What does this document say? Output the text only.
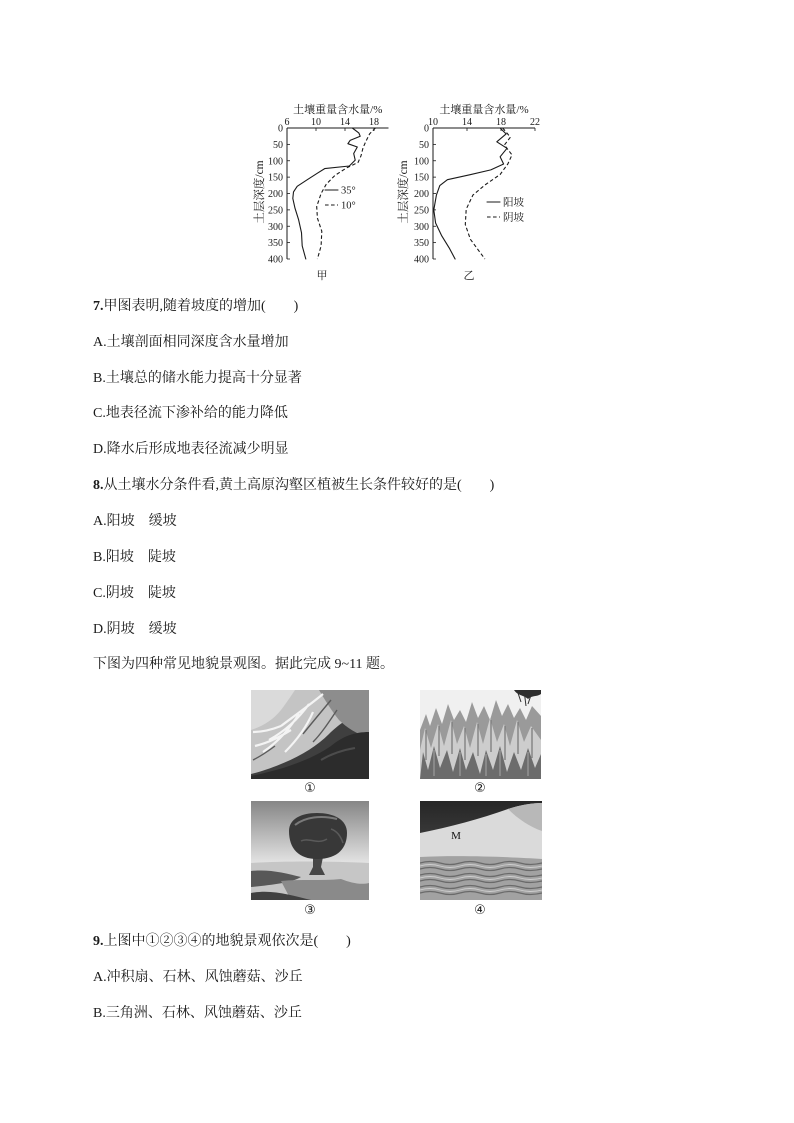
土壤重量含水量/%
土层深度/cm
6 10 14 18
0
50
100
150
200
250
300
350
400
35°
10°
甲
土壤重量含水量/%
土层深度/cm
10 14 18 22
0
50
100
150
200
250
300
350
400
阳坡
阴坡
乙
7.甲图表明,随着坡度的增加(　　)
A.土壤剖面相同深度含水量增加
B.土壤总的储水能力提高十分显著
C.地表径流下渗补给的能力降低
D.降水后形成地表径流减少明显
8.从土壤水分条件看,黄土高原沟壑区植被生长条件较好的是(　　)
A.阳坡　缓坡
B.阳坡　陡坡
C.阴坡　陡坡
D.阴坡　缓坡
下图为四种常见地貌景观图。据此完成 9~11 题。
①	②
③
M
④
9.上图中①②③④的地貌景观依次是(　　)
A.冲积扇、石林、风蚀蘑菇、沙丘
B.三角洲、石林、风蚀蘑菇、沙丘
